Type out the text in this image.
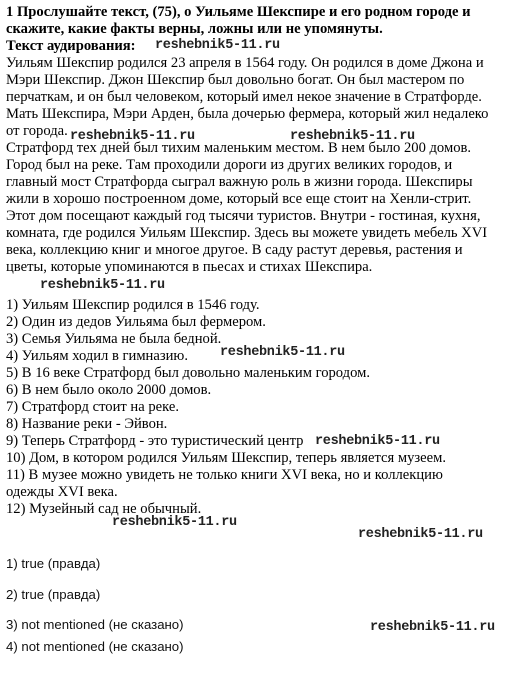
1 Прослушайте текст, (75), о Уильяме Шекспире и его родном городе и
скажите, какие факты верны, ложны или не упомянуты.
Текст аудирования:
Уильям Шекспир родился 23 апреля в 1564 году. Он родился в доме Джона и
Мэри Шекспир. Джон Шекспир был довольно богат. Он был мастером по
перчаткам, и он был человеком, который имел некое значение в Стратфорде.
Мать Шекспира, Мэри Арден, была дочерью фермера, который жил недалеко
от города.
Стратфорд тех дней был тихим маленьким местом. В нем было 200 домов.
Город был на реке. Там проходили дороги из других великих городов, и
главный мост Стратфорда сыграл важную роль в жизни города. Шекспиры
жили в хорошо построенном доме, который все еще стоит на Хенли-стрит.
Этот дом посещают каждый год тысячи туристов. Внутри - гостиная, кухня,
комната, где родился Уильям Шекспир. Здесь вы можете увидеть мебель XVI
века, коллекцию книг и многое другое. В саду растут деревья, растения и
цветы, которые упоминаются в пьесах и стихах Шекспира.
1) Уильям Шекспир родился в 1546 году.
2) Один из дедов Уильяма был фермером.
3) Семья Уильяма не была бедной.
4) Уильям ходил в гимназию.
5) В 16 веке Стратфорд был довольно маленьким городом.
6) В нем было около 2000 домов.
7) Стратфорд стоит на реке.
8) Название реки - Эйвон.
9) Теперь Стратфорд - это туристический центр
10) Дом, в котором родился Уильям Шекспир, теперь является музеем.
11) В музее можно увидеть не только книги XVI века, но и коллекцию
одежды XVI века.
12) Музейный сад не обычный.
1) true (правда)
2) true (правда)
3) not mentioned (не сказано)
4) not mentioned (не сказано)
reshebnik5-11.ru
reshebnik5-11.ru	reshebnik5-11.ru
reshebnik5-11.ru
reshebnik5-11.ru
reshebnik5-11.ru
reshebnik5-11.ru
reshebnik5-11.ru
reshebnik5-11.ru
